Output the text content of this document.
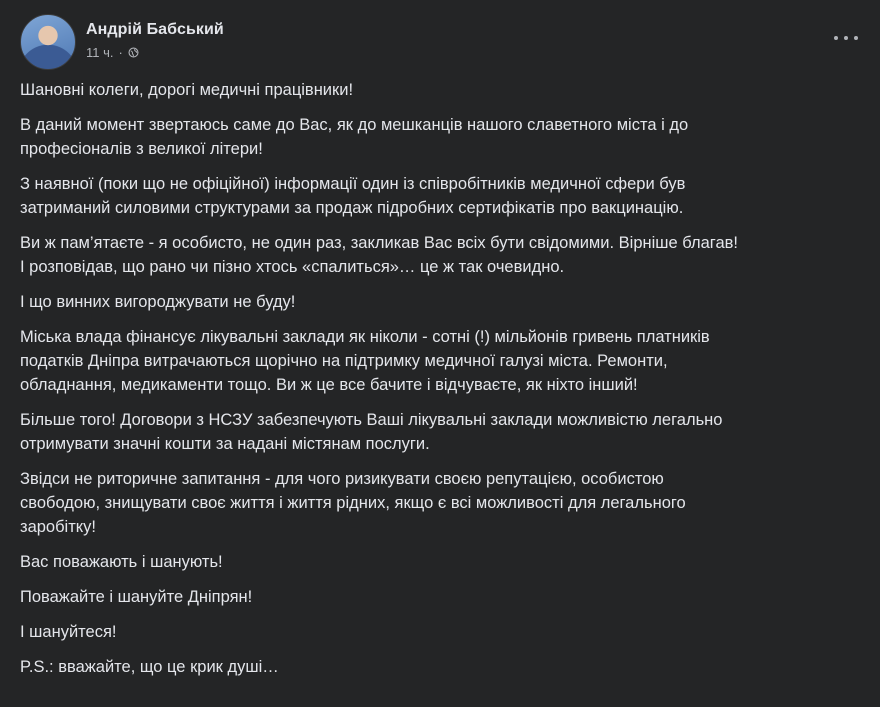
Андрій Бабський
11 ч. ·

Шановні колеги, дорогі медичні працівники!

В даний момент звертаюсь саме до Вас, як до мешканців нашого славетного міста і до
професіоналів з великої літери!

З наявної (поки що не офіційної) інформації один із співробітників медичної сфери був
затриманий силовими структурами за продаж підробних сертифікатів про вакцинацію.

Ви ж пам’ятаєте - я особисто, не один раз, закликав Вас всіх бути свідомими. Вірніше благав!
І розповідав, що рано чи пізно хтось «спалиться»… це ж так очевидно.

І що винних вигороджувати не буду!

Міська влада фінансує лікувальні заклади як ніколи - сотні (!) мільйонів гривень платників
податків Дніпра витрачаються щорічно на підтримку медичної галузі міста. Ремонти,
обладнання, медикаменти тощо. Ви ж це все бачите і відчуваєте, як ніхто інший!

Більше того! Договори з НСЗУ забезпечують Ваші лікувальні заклади можливістю легально
отримувати значні кошти за надані містянам послуги.

Звідси не риторичне запитання - для чого ризикувати своєю репутацією, особистою
свободою, знищувати своє життя і життя рідних, якщо є всі можливості для легального
заробітку!

Вас поважають і шанують!

Поважайте і шануйте Дніпрян!

І шануйтеся!

P.S.: вважайте, що це крик душі…
